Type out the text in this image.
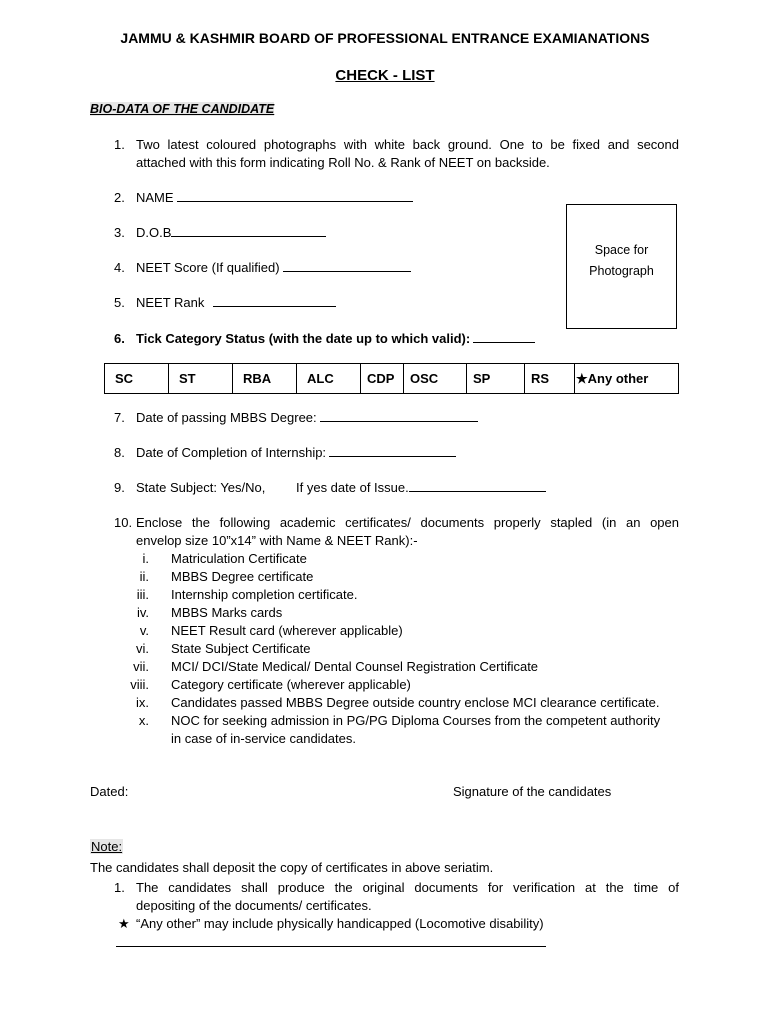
JAMMU & KASHMIR BOARD OF PROFESSIONAL ENTRANCE EXAMIANATIONS
CHECK - LIST
BIO-DATA OF THE CANDIDATE
1. Two latest coloured photographs with white back ground. One to be fixed and second
attached with this form indicating Roll No. & Rank of NEET on backside.
2. NAME
3. D.O.B
4. NEET Score (If qualified)
5. NEET Rank
Space for
Photograph
6. Tick Category Status (with the date up to which valid):
SC	ST	RBA	ALC	CDP	OSC	SP	RS	★Any other
7. Date of passing MBBS Degree:
8. Date of Completion of Internship:
9. State Subject: Yes/No, If yes date of Issue.
10. Enclose the following academic certificates/ documents properly stapled (in an open
envelop size 10”x14” with Name & NEET Rank):-
i. Matriculation Certificate
ii. MBBS Degree certificate
iii. Internship completion certificate.
iv. MBBS Marks cards
v. NEET Result card (wherever applicable)
vi. State Subject Certificate
vii. MCI/ DCI/State Medical/ Dental Counsel Registration Certificate
viii. Category certificate (wherever applicable)
ix. Candidates passed MBBS Degree outside country enclose MCI clearance certificate.
x. NOC for seeking admission in PG/PG Diploma Courses from the competent authority
in case of in-service candidates.
Dated:	Signature of the candidates
Note:
The candidates shall deposit the copy of certificates in above seriatim.
1. The candidates shall produce the original documents for verification at the time of
depositing of the documents/ certificates.
★ “Any other” may include physically handicapped (Locomotive disability)
